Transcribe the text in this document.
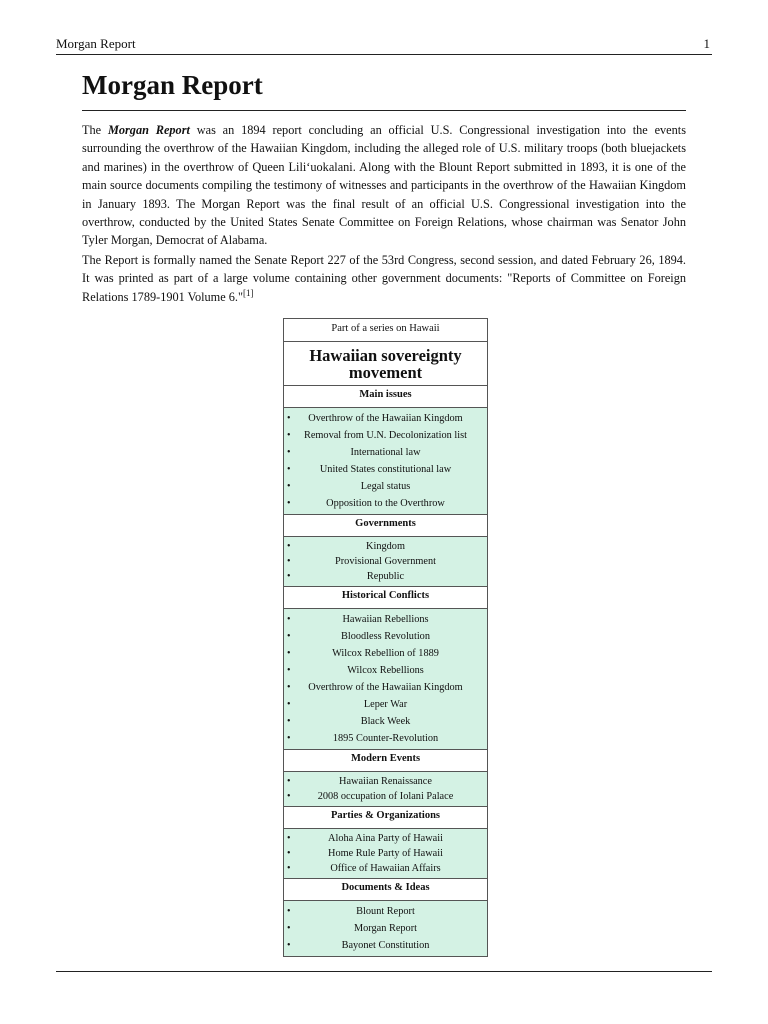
Morgan Report	1
Morgan Report

The Morgan Report was an 1894 report concluding an official U.S. Congressional investigation into the events surrounding the overthrow of the Hawaiian Kingdom, including the alleged role of U.S. military troops (both bluejackets and marines) in the overthrow of Queen Liliʻuokalani. Along with the Blount Report submitted in 1893, it is one of the main source documents compiling the testimony of witnesses and participants in the overthrow of the Hawaiian Kingdom in January 1893. The Morgan Report was the final result of an official U.S. Congressional investigation into the overthrow, conducted by the United States Senate Committee on Foreign Relations, whose chairman was Senator John Tyler Morgan, Democrat of Alabama.

The Report is formally named the Senate Report 227 of the 53rd Congress, second session, and dated February 26, 1894. It was printed as part of a large volume containing other government documents: "Reports of Committee on Foreign Relations 1789-1901 Volume 6."[1]

Part of a series on Hawaii
Hawaiian sovereignty movement
Main issues
• Overthrow of the Hawaiian Kingdom
• Removal from U.N. Decolonization list
•	International law
•	United States constitutional law
•	Legal status
•	Opposition to the Overthrow
Governments
•	Kingdom
•	Provisional Government
•	Republic
Historical Conflicts
•	Hawaiian Rebellions
•	Bloodless Revolution
•	Wilcox Rebellion of 1889
•	Wilcox Rebellions
• Overthrow of the Hawaiian Kingdom
•	Leper War
•	Black Week
•	1895 Counter-Revolution
Modern Events
•	Hawaiian Renaissance
•	2008 occupation of Iolani Palace
Parties & Organizations
•	Aloha Aina Party of Hawaii
•	Home Rule Party of Hawaii
•	Office of Hawaiian Affairs
Documents & Ideas
•	Blount Report
•	Morgan Report
•	Bayonet Constitution
